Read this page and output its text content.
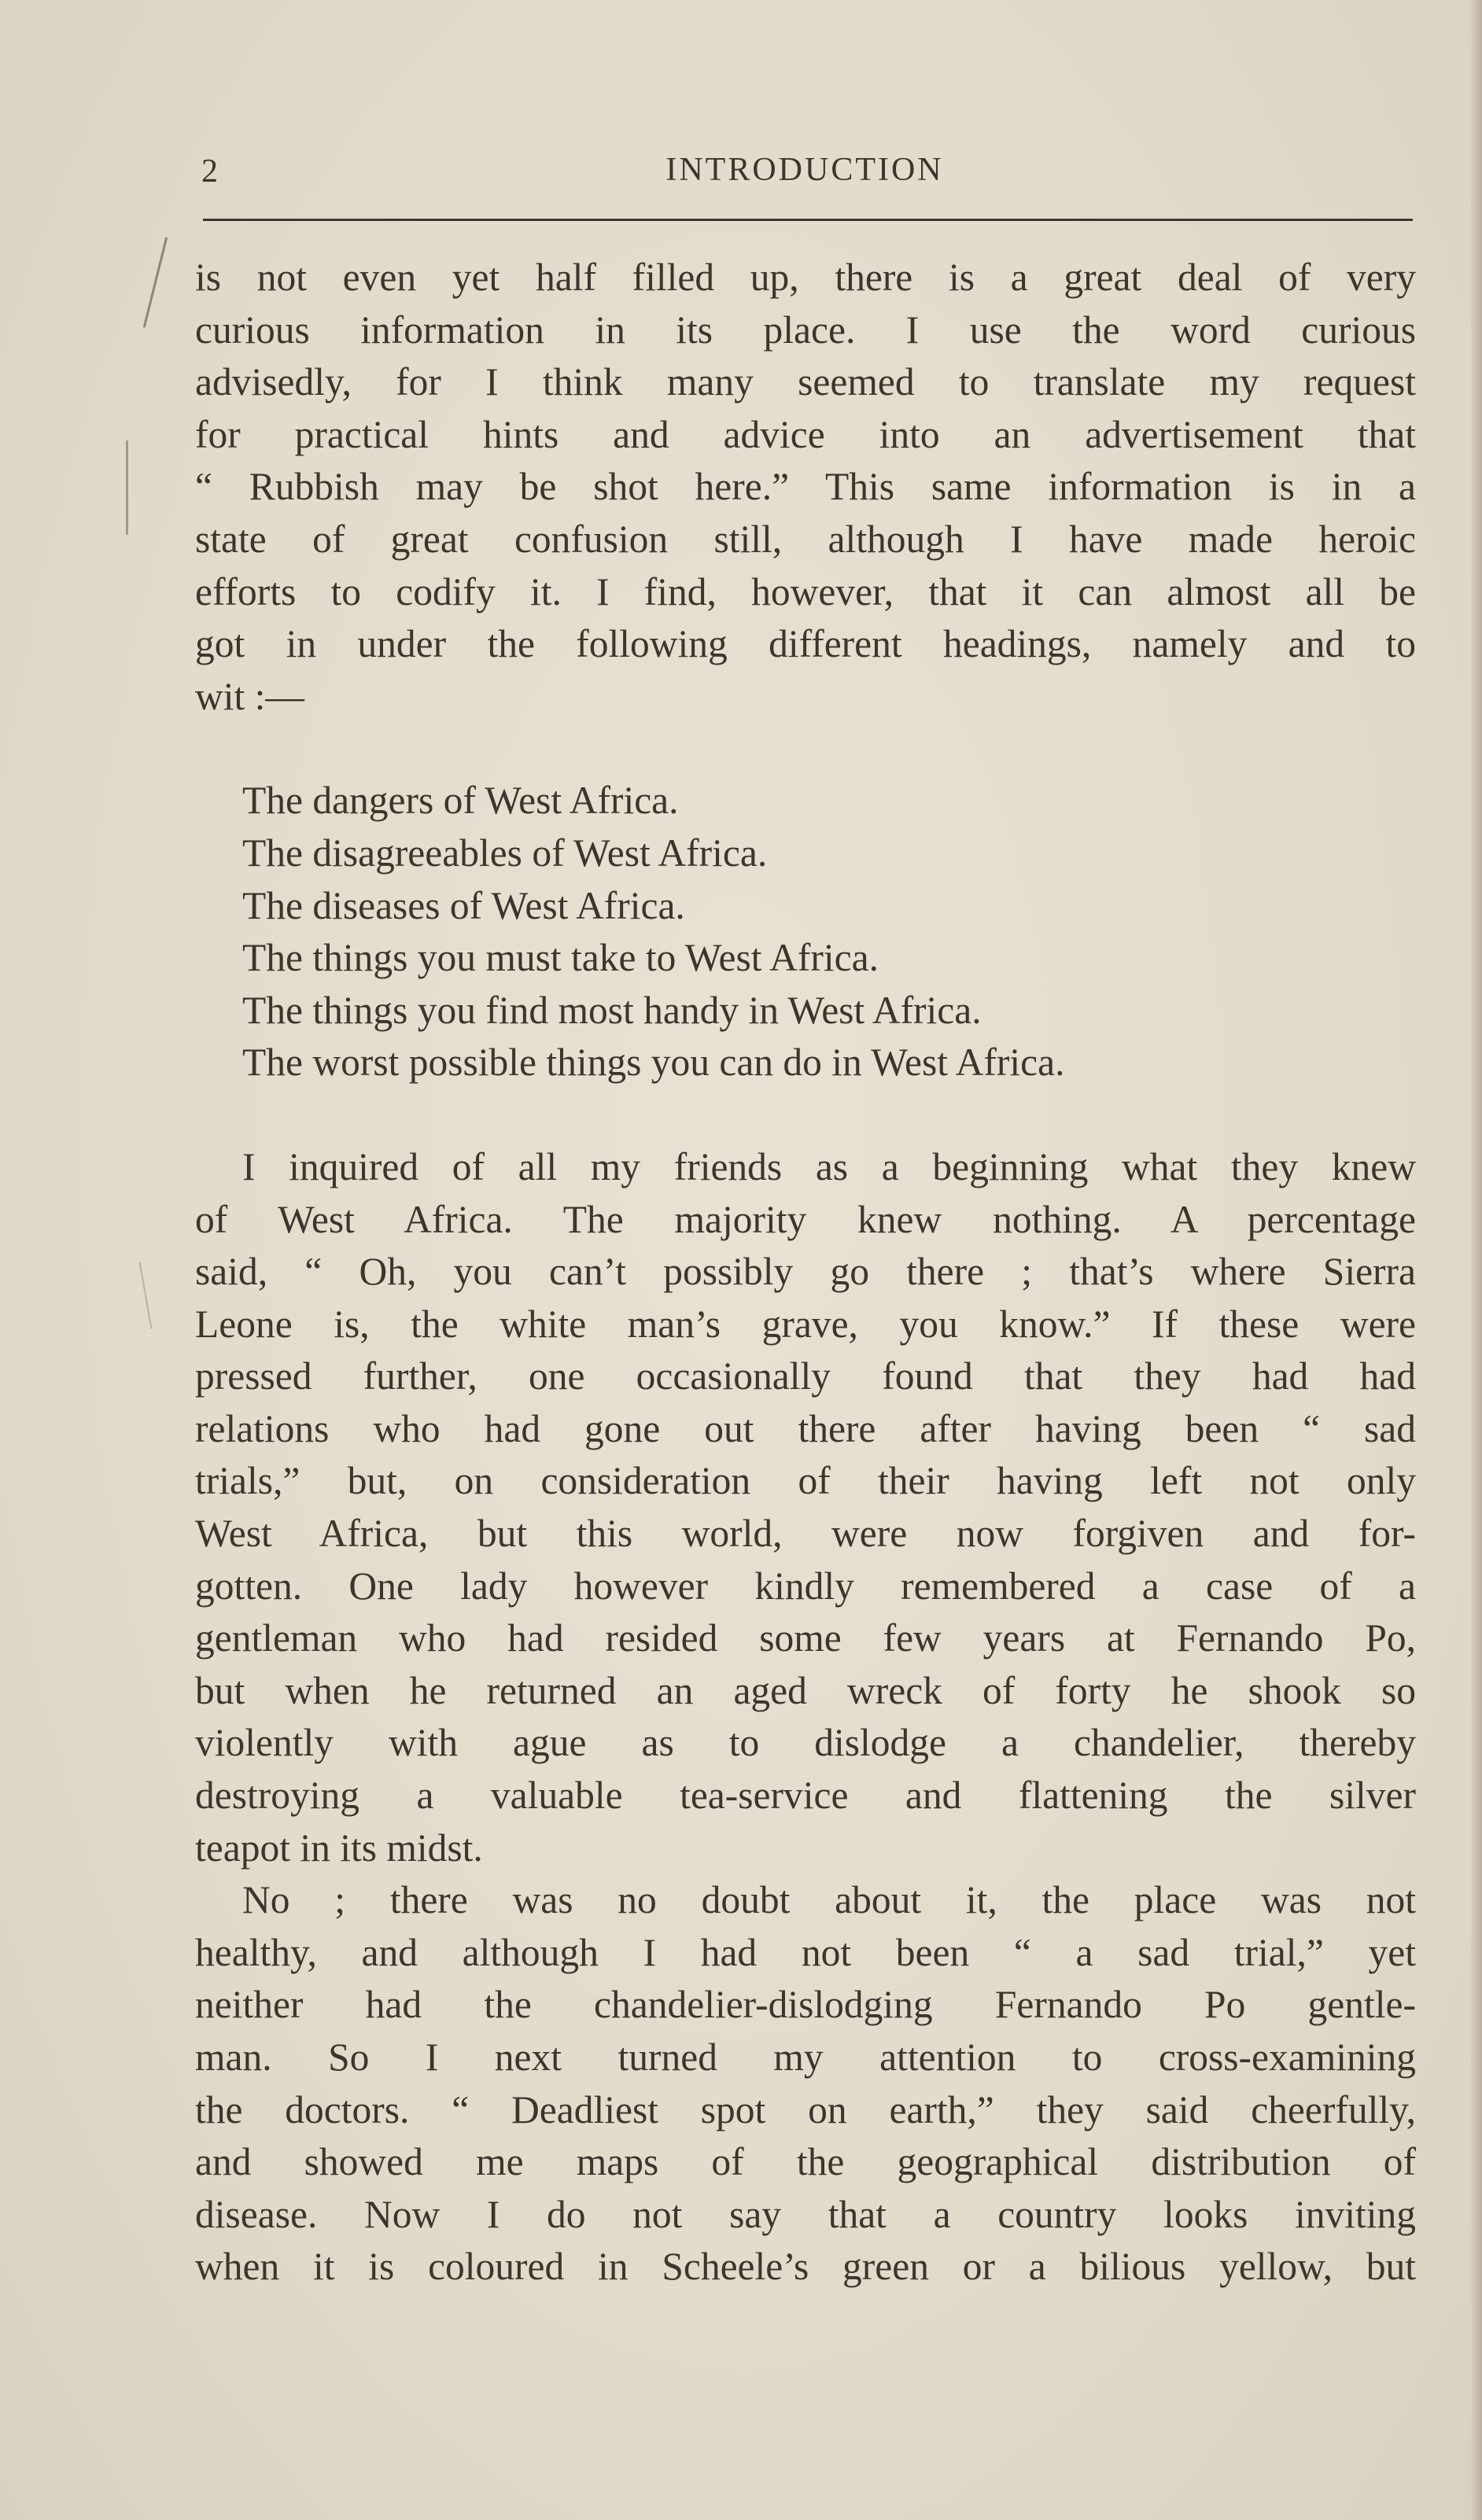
2	INTRODUCTION
is not even yet half filled up, there is a great deal of very
curious information in its place. I use the word curious
advisedly, for I think many seemed to translate my request
for practical hints and advice into an advertisement that
“ Rubbish may be shot here.” This same information is in a
state of great confusion still, although I have made heroic
efforts to codify it. I find, however, that it can almost all be
got in under the following different headings, namely and to
wit :—
The dangers of West Africa.
The disagreeables of West Africa.
The diseases of West Africa.
The things you must take to West Africa.
The things you find most handy in West Africa.
The worst possible things you can do in West Africa.
I inquired of all my friends as a beginning what they knew
of West Africa. The majority knew nothing. A percentage
said, “ Oh, you can’t possibly go there ; that’s where Sierra
Leone is, the white man’s grave, you know.” If these were
pressed further, one occasionally found that they had had
relations who had gone out there after having been “ sad
trials,” but, on consideration of their having left not only
West Africa, but this world, were now forgiven and for-
gotten. One lady however kindly remembered a case of a
gentleman who had resided some few years at Fernando Po,
but when he returned an aged wreck of forty he shook so
violently with ague as to dislodge a chandelier, thereby
destroying a valuable tea-service and flattening the silver
teapot in its midst.
No ; there was no doubt about it, the place was not
healthy, and although I had not been “ a sad trial,” yet
neither had the chandelier-dislodging Fernando Po gentle-
man. So I next turned my attention to cross-examining
the doctors. “ Deadliest spot on earth,” they said cheerfully,
and showed me maps of the geographical distribution of
disease. Now I do not say that a country looks inviting
when it is coloured in Scheele’s green or a bilious yellow, but
